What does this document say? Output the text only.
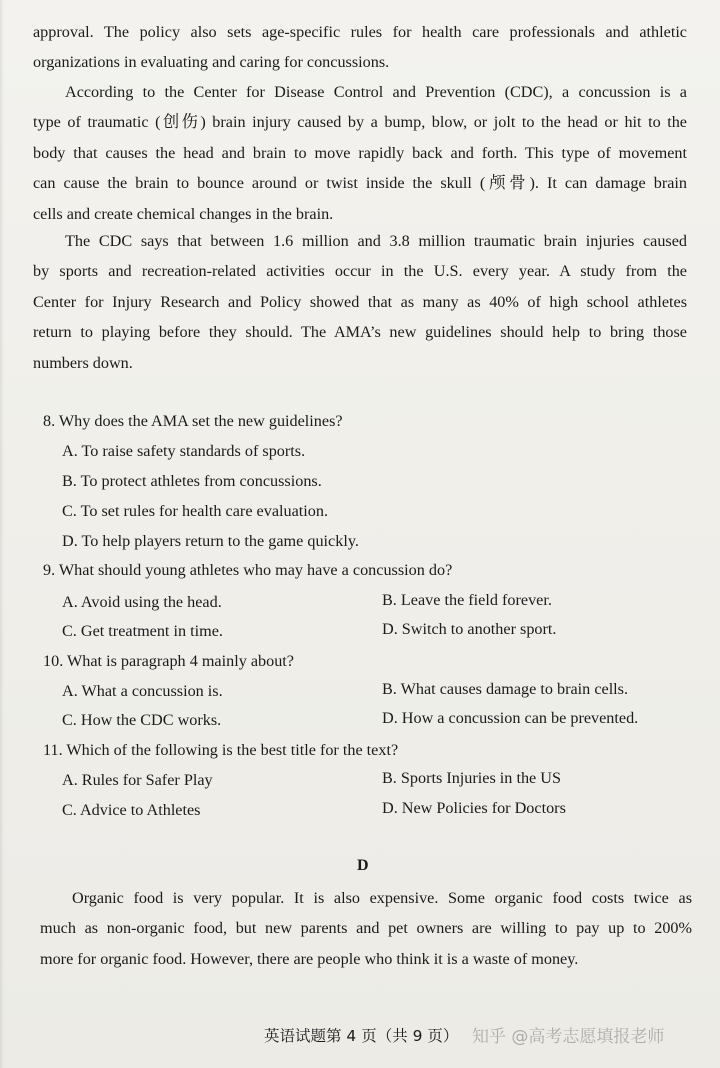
approval. The policy also sets age-specific rules for health care professionals and athletic
organizations in evaluating and caring for concussions.
According to the Center for Disease Control and Prevention (CDC), a concussion is a
type of traumatic (创伤) brain injury caused by a bump, blow, or jolt to the head or hit to the
body that causes the head and brain to move rapidly back and forth. This type of movement
can cause the brain to bounce around or twist inside the skull (颅骨). It can damage brain
cells and create chemical changes in the brain.
The CDC says that between 1.6 million and 3.8 million traumatic brain injuries caused
by sports and recreation-related activities occur in the U.S. every year. A study from the
Center for Injury Research and Policy showed that as many as 40% of high school athletes
return to playing before they should. The AMA’s new guidelines should help to bring those
numbers down.
8. Why does the AMA set the new guidelines?
A. To raise safety standards of sports.
B. To protect athletes from concussions.
C. To set rules for health care evaluation.
D. To help players return to the game quickly.
9. What should young athletes who may have a concussion do?
A. Avoid using the head.	B. Leave the field forever.
C. Get treatment in time.	D. Switch to another sport.
10. What is paragraph 4 mainly about?
A. What a concussion is.	B. What causes damage to brain cells.
C. How the CDC works.	D. How a concussion can be prevented.
11. Which of the following is the best title for the text?
A. Rules for Safer Play	B. Sports Injuries in the US
C. Advice to Athletes	D. New Policies for Doctors
D
Organic food is very popular. It is also expensive. Some organic food costs twice as
much as non-organic food, but new parents and pet owners are willing to pay up to 200%
more for organic food. However, there are people who think it is a waste of money.
英语试题第 4 页（共 9 页） 知乎 @高考志愿填报老师
